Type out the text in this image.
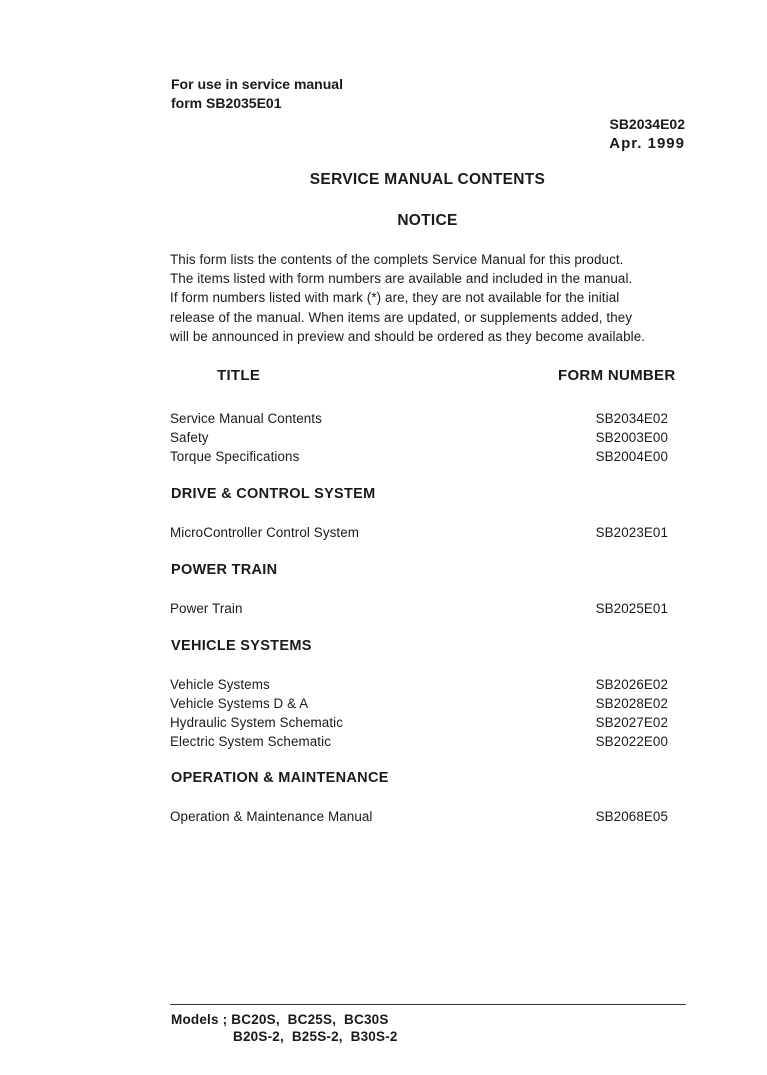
For use in service manual
form SB2035E01
SB2034E02
Apr. 1999
SERVICE MANUAL CONTENTS
NOTICE
This form lists the contents of the complets Service Manual for this product.
The items listed with form numbers are available and included in the manual.
If form numbers listed with mark (*) are, they are not available for the initial
release of the manual. When items are updated, or supplements added, they
will be announced in preview and should be ordered as they become available.
TITLE	FORM NUMBER
Service Manual Contents	SB2034E02
Safety	SB2003E00
Torque Specifications	SB2004E00
DRIVE & CONTROL SYSTEM
MicroController Control System	SB2023E01
POWER TRAIN
Power Train	SB2025E01
VEHICLE SYSTEMS
Vehicle Systems	SB2026E02
Vehicle Systems D & A	SB2028E02
Hydraulic System Schematic	SB2027E02
Electric System Schematic	SB2022E00
OPERATION & MAINTENANCE
Operation & Maintenance Manual	SB2068E05
Models ; BC20S,  BC25S,  BC30S
B20S-2,  B25S-2,  B30S-2
